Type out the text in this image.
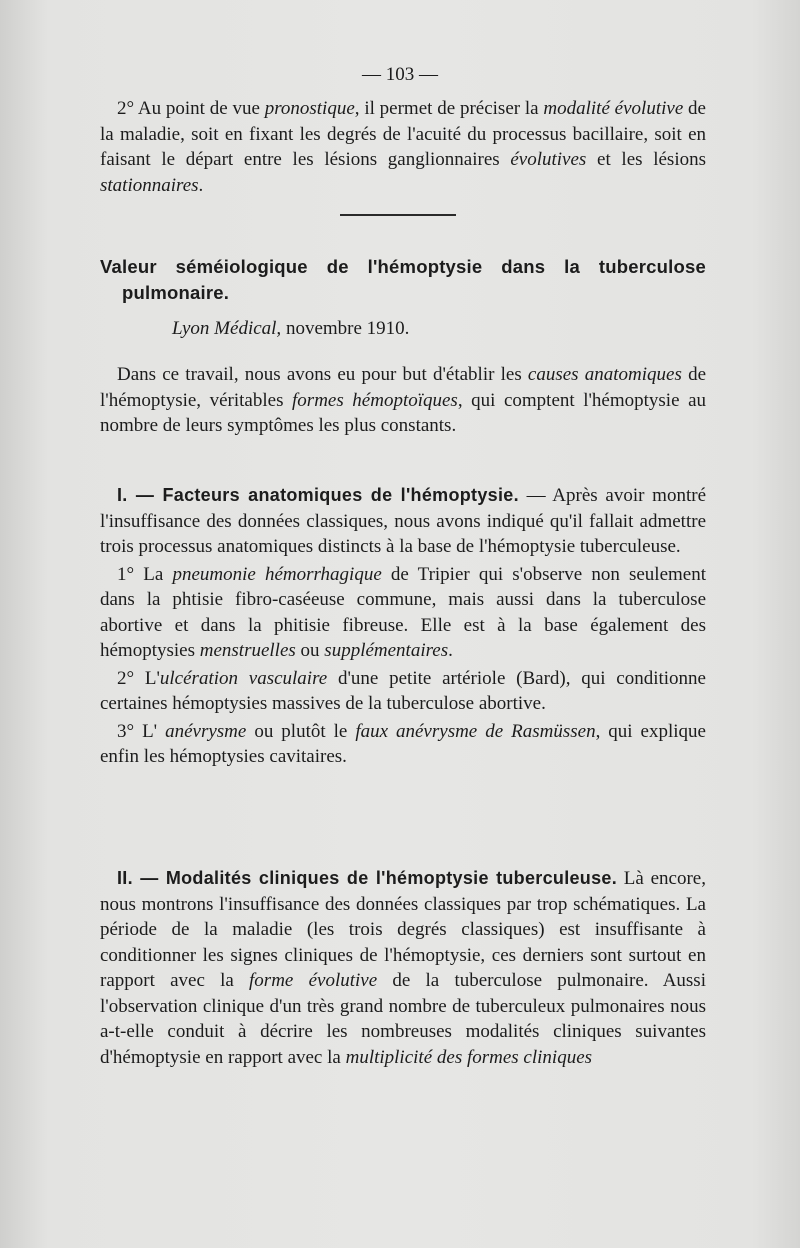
— 103 —

2° Au point de vue pronostique, il permet de préciser la modalité évolutive de la maladie, soit en fixant les degrés de l'acuité du processus bacillaire, soit en faisant le départ entre les lésions ganglionnaires évolutives et les lésions stationnaires.

Valeur séméiologique de l'hémoptysie dans la tuberculose pulmonaire.

Lyon Médical, novembre 1910.

Dans ce travail, nous avons eu pour but d'établir les causes anatomiques de l'hémoptysie, véritables formes hémoptoïques, qui comptent l'hémoptysie au nombre de leurs symptômes les plus constants.

I. — Facteurs anatomiques de l'hémoptysie. — Après avoir montré l'insuffisance des données classiques, nous avons indiqué qu'il fallait admettre trois processus anatomiques distincts à la base de l'hémoptysie tuberculeuse.

1° La pneumonie hémorrhagique de Tripier qui s'observe non seulement dans la phtisie fibro-caséeuse commune, mais aussi dans la tuberculose abortive et dans la phitisie fibreuse. Elle est à la base également des hémoptysies menstruelles ou supplémentaires.

2° L'ulcération vasculaire d'une petite artériole (Bard), qui conditionne certaines hémoptysies massives de la tuberculose abortive.

3° L' anévrysme ou plutôt le faux anévrysme de Rasmüssen, qui explique enfin les hémoptysies cavitaires.

II. — Modalités cliniques de l'hémoptysie tuberculeuse. Là encore, nous montrons l'insuffisance des données classiques par trop schématiques. La période de la maladie (les trois degrés classiques) est insuffisante à conditionner les signes cliniques de l'hémoptysie, ces derniers sont surtout en rapport avec la forme évolutive de la tuberculose pulmonaire. Aussi l'observation clinique d'un très grand nombre de tuberculeux pulmonaires nous a-t-elle conduit à décrire les nombreuses modalités cliniques suivantes d'hémoptysie en rapport avec la multiplicité des formes cliniques
